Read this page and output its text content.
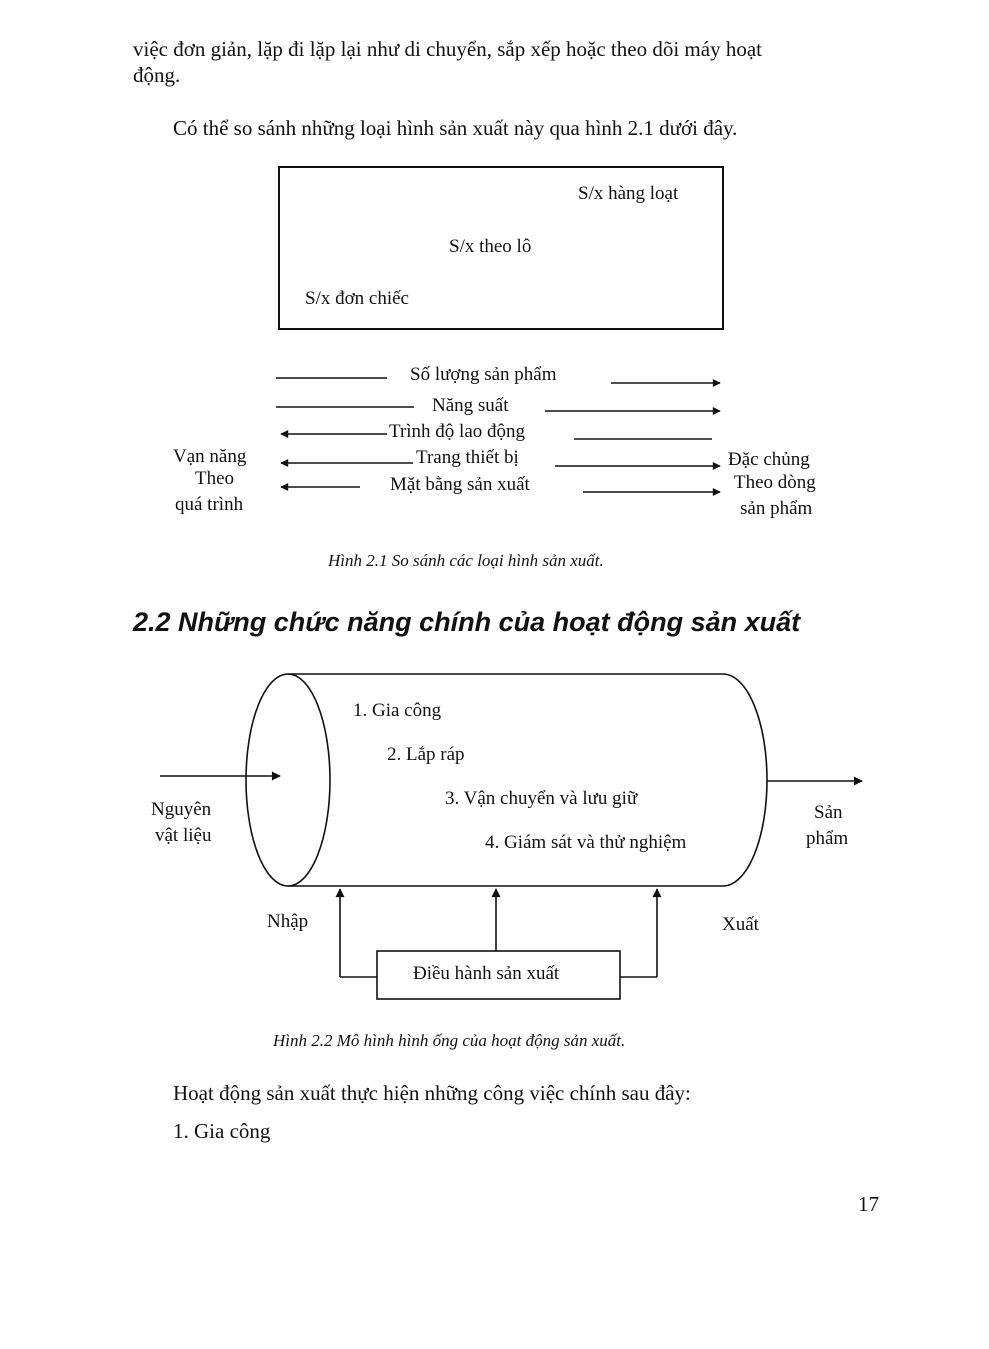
việc đơn giản, lặp đi lặp lại như di chuyển, sắp xếp hoặc theo dõi máy hoạt
động.
Có thể so sánh những loại hình sản xuất này qua hình 2.1 dưới đây.
S/x hàng loạt
S/x theo lô
S/x đơn chiếc
Số lượng sản phẩm
Năng suất
Trình độ lao động
Trang thiết bị
Mặt bằng sản xuất
Vạn năng
Theo
quá trình
Đặc chủng
Theo dòng
sản phẩm
Hình 2.1 So sánh các loại hình sản xuất.
2.2 Những chức năng chính của hoạt động sản xuất
1. Gia công
2. Lắp ráp
3. Vận chuyển và lưu giữ
4. Giám sát và thử nghiệm
Nguyên
vật liệu
Sản
phẩm
Nhập	Xuất
Điều hành sản xuất
Hình 2.2 Mô hình hình ống của hoạt động sản xuất.
Hoạt động sản xuất thực hiện những công việc chính sau đây:
1. Gia công
17
